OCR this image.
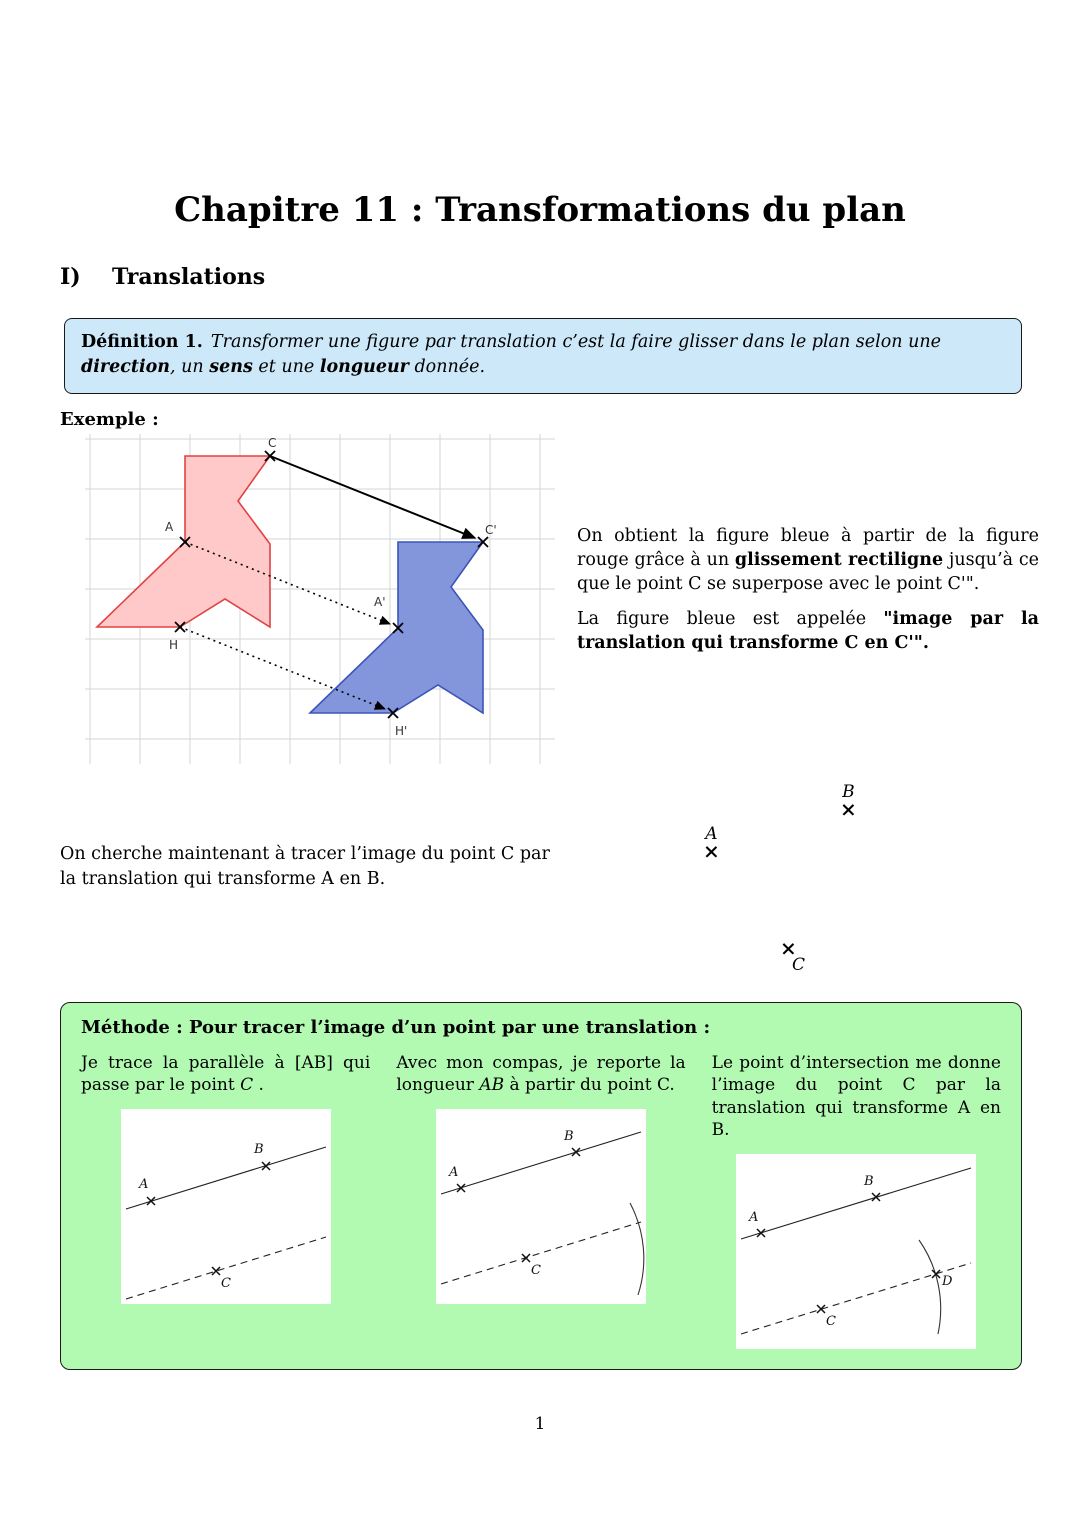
Chapitre 11 : Transformations du plan
I) Translations
Définition 1. Transformer une figure par translation c’est la faire glisser dans le plan selon une direction, un sens et une longueur donnée.
Exemple :
C
A
H
C'
A'
H'

On obtient la figure bleue à partir de la figure rouge grâce à un glissement rectiligne jusqu’à ce que le point C se superpose avec le point C'".

La figure bleue est appelée "image par la translation qui transforme C en C'".

On cherche maintenant à tracer l’image du point C par la translation qui transforme A en B.

B
×
A
×
×
C
Méthode : Pour tracer l’image d’un point par une translation :

Je trace la parallèle à [AB] qui passe par le point C .

A
B
C

Avec mon compas, je reporte la longueur AB à partir du point C.

A
B
C

Le point d’intersection me donne l’image du point C par la translation qui transforme A en B.

A
B
C
D
1
